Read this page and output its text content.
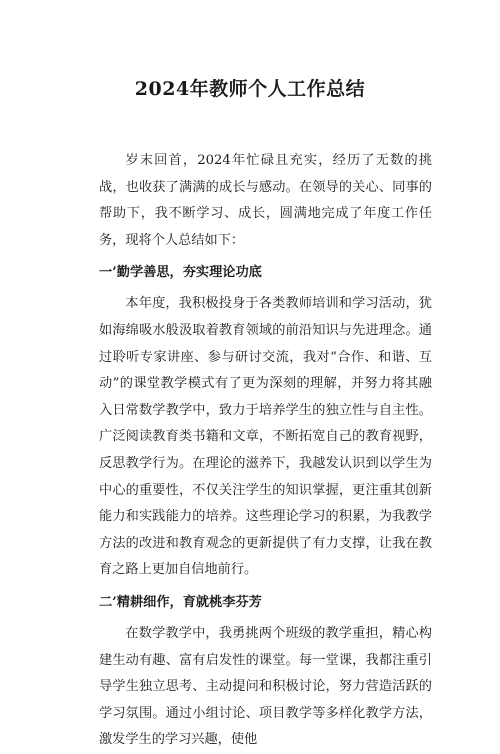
2024年教师个人工作总结

岁末回首，2024年忙碌且充实，经历了无数的挑战，也收获了满满的成长与感动。在领导的关心、同事的帮助下，我不断学习、成长，圆满地完成了年度工作任务，现将个人总结如下：

一’勤学善思，夯实理论功底

本年度，我积极投身于各类教师培训和学习活动，犹如海绵吸水般汲取着教育领域的前沿知识与先进理念。通过聆听专家讲座、参与研讨交流，我对“合作、和谐、互动”的课堂教学模式有了更为深刻的理解，并努力将其融入日常数学教学中，致力于培养学生的独立性与自主性。广泛阅读教育类书籍和文章，不断拓宽自己的教育视野，反思教学行为。在理论的滋养下，我越发认识到以学生为中心的重要性，不仅关注学生的知识掌握，更注重其创新能力和实践能力的培养。这些理论学习的积累，为我教学方法的改进和教育观念的更新提供了有力支撑，让我在教育之路上更加自信地前行。

二’精耕细作，育就桃李芬芳

在数学教学中，我勇挑两个班级的教学重担，精心构建生动有趣、富有启发性的课堂。每一堂课，我都注重引导学生独立思考、主动提问和积极讨论，努力营造活跃的学习氛围。通过小组讨论、项目教学等多样化教学方法，激发学生的学习兴趣，使他
